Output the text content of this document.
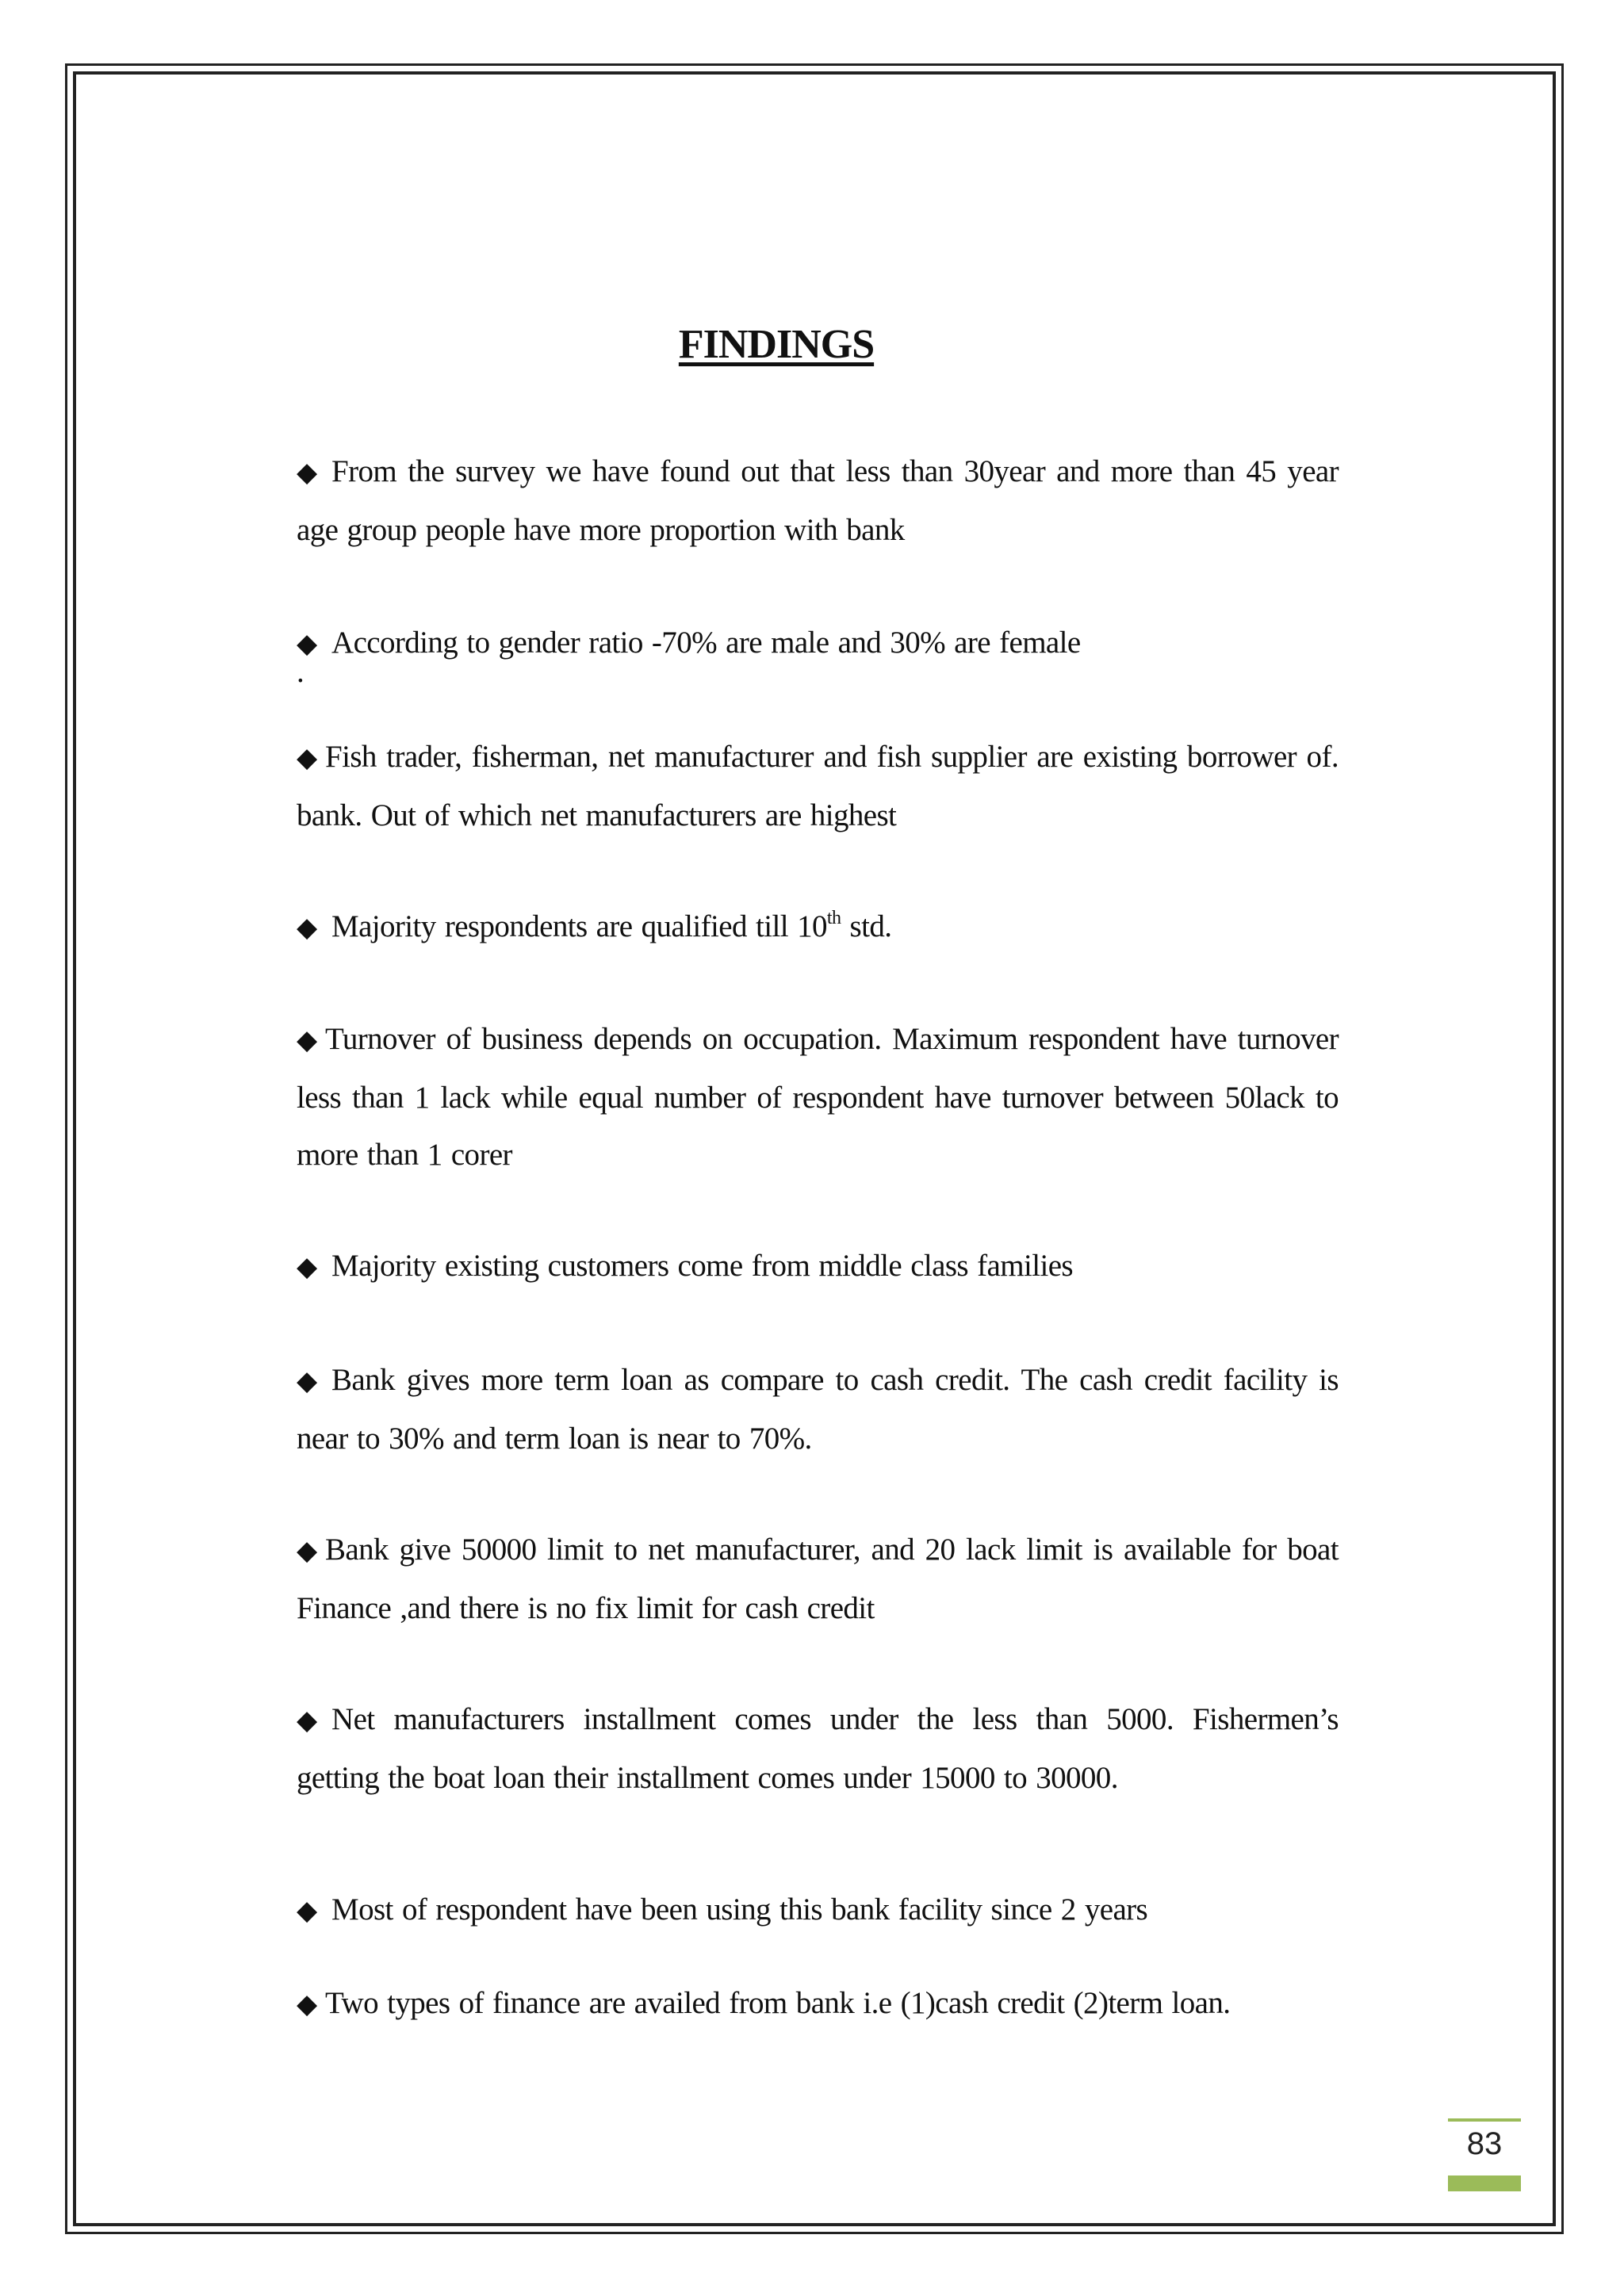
FINDINGS

◆ From the survey we have found out that less than 30year and more than 45 year age group people have more proportion with bank

◆ According to gender ratio -70% are male and 30% are female

◆ Fish trader, fisherman, net manufacturer and fish supplier are existing borrower of. bank. Out of which net manufacturers are highest

◆ Majority respondents are qualified till 10th std.

◆ Turnover of business depends on occupation. Maximum respondent have turnover less than 1 lack while equal number of respondent have turnover between 50lack to more than 1 corer

◆ Majority existing customers come from middle class families

◆ Bank gives more term loan as compare to cash credit. The cash credit facility is near to 30% and term loan is near to 70%.

◆ Bank give 50000 limit to net manufacturer, and 20 lack limit is available for boat Finance ,and there is no fix limit for cash credit

◆ Net manufacturers installment comes under the less than 5000. Fishermen’s getting the boat loan their installment comes under 15000 to 30000.

◆ Most of respondent have been using this bank facility since 2 years

◆ Two types of finance are availed from bank i.e (1)cash credit (2)term loan.

.
83
